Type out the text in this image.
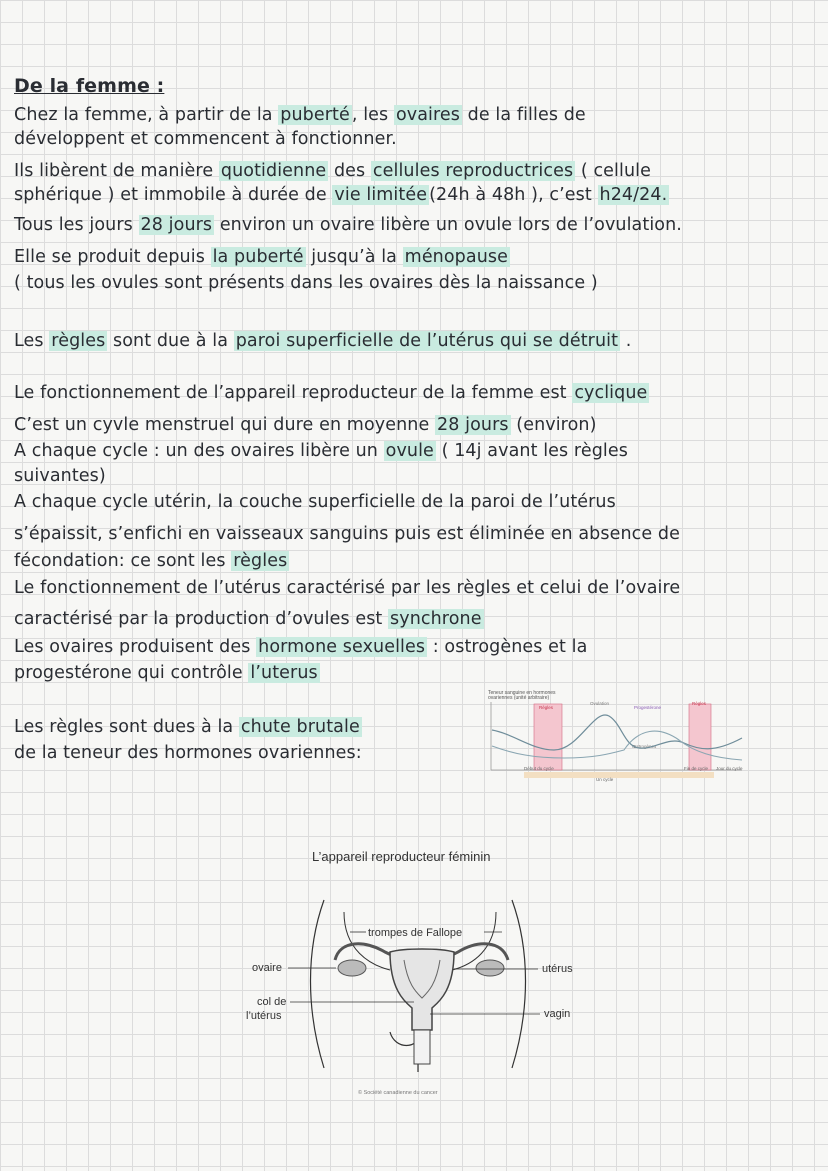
De la femme :
Chez la femme, à partir de la puberté , les ovaires de la filles de
développent et commencent à fonctionner.
Ils libèrent de manière quotidienne des cellules reproductrices ( cellule
sphérique ) et immobile à durée de vie limitée (24h à 48h ), c’est h24/24.
Tous les jours 28 jours environ un ovaire libère un ovule lors de l’ovulation.
Elle se produit depuis la puberté jusqu’à la ménopause
( tous les ovules sont présents dans les ovaires dès la naissance )
Les règles sont due à la paroi superficielle de l’utérus qui se détruit .
Le fonctionnement de l’appareil reproducteur de la femme est cyclique
C’est un cyvle menstruel qui dure en moyenne 28 jours (environ)
A chaque cycle : un des ovaires libère un ovule ( 14j avant les règles
suivantes)
A chaque cycle utérin, la couche superficielle de la paroi de l’utérus
s’épaissit, s’enfichi en vaisseaux sanguins puis est éliminée en absence de
fécondation: ce sont les règles
Le fonctionnement de l’utérus caractérisé par les règles et celui de l’ovaire
caractérisé par la production d’ovules est synchrone
Les ovaires produisent des hormone sexuelles : ostrogènes et la
progestérone qui contrôle l’uterus
Les règles sont dues à la chute brutale
de la teneur des hormones ovariennes:
Teneur sanguine en hormones
ovariennes (unité arbitraire)
Règles
Ovulation
Progestérone
Règles
Œstrogènes
Début du cycle
Un cycle
Fin de cycle Jour du cycle
L’appareil reproducteur féminin
trompes de Fallope
ovaire
col de
l’utérus
utérus
vagin
© Société canadienne du cancer
